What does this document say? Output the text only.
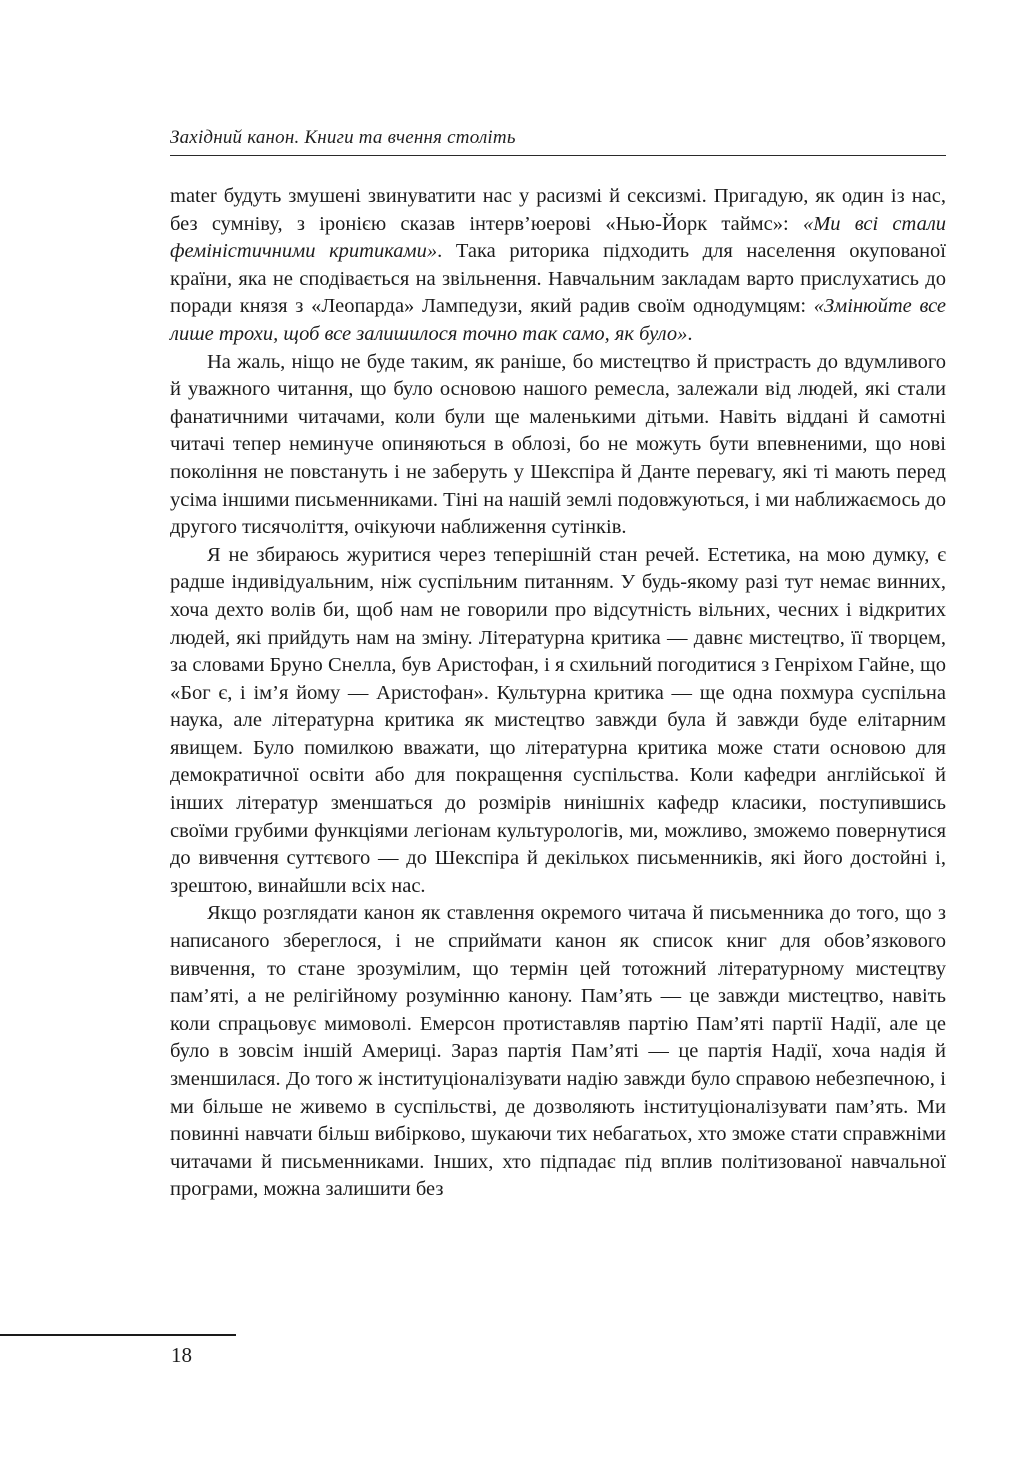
Західний канон. Книги та вчення століть

mater будуть змушені звинуватити нас у расизмі й сексизмі. Пригадую, як один із нас, без сумніву, з іронією сказав інтерв’юерові «Нью-Йорк таймс»: «Ми всі стали феміністичними критиками». Така риторика підходить для населення окупованої країни, яка не сподівається на звільнення. Навчальним закладам варто прислухатись до поради князя з «Леопарда» Лампедузи, який радив своїм однодумцям: «Змінюйте все лише трохи, щоб все залишилося точно так само, як було».

На жаль, ніщо не буде таким, як раніше, бо мистецтво й пристрасть до вдумливого й уважного читання, що було основою нашого ремесла, залежали від людей, які стали фанатичними читачами, коли були ще маленькими дітьми. Навіть віддані й самотні читачі тепер неминуче опиняються в облозі, бо не можуть бути впевненими, що нові покоління не повстануть і не заберуть у Шекспіра й Данте перевагу, які ті мають перед усіма іншими письменниками. Тіні на нашій землі подовжуються, і ми наближаємось до другого тисячоліття, очікуючи наближення сутінків.

Я не збираюсь журитися через теперішній стан речей. Естетика, на мою думку, є радше індивідуальним, ніж суспільним питанням. У будь-якому разі тут немає винних, хоча дехто волів би, щоб нам не говорили про відсутність вільних, чесних і відкритих людей, які прийдуть нам на зміну. Літературна критика — давнє мистецтво, її творцем, за словами Бруно Снелла, був Аристофан, і я схильний погодитися з Генріхом Гайне, що «Бог є, і ім’я йому — Аристофан». Культурна критика — ще одна похмура суспільна наука, але літературна критика як мистецтво завжди була й завжди буде елітарним явищем. Було помилкою вважати, що літературна критика може стати основою для демократичної освіти або для покращення суспільства. Коли кафедри англійської й інших літератур зменшаться до розмірів нинішніх кафедр класики, поступившись своїми грубими функціями легіонам культурологів, ми, можливо, зможемо повернутися до вивчення суттєвого — до Шекспіра й декількох письменників, які його достойні і, зрештою, винайшли всіх нас.

Якщо розглядати канон як ставлення окремого читача й письменника до того, що з написаного збереглося, і не сприймати канон як список книг для обов’язкового вивчення, то стане зрозумілим, що термін цей тотожний літературному мистецтву пам’яті, а не релігійному розумінню канону. Пам’ять — це завжди мистецтво, навіть коли спрацьовує мимоволі. Емерсон протиставляв партію Пам’яті партії Надії, але це було в зовсім іншій Америці. Зараз партія Пам’яті — це партія Надії, хоча надія й зменшилася. До того ж інституціоналізувати надію завжди було справою небезпечною, і ми більше не живемо в суспільстві, де дозволяють інституціоналізувати пам’ять. Ми повинні навчати більш вибірково, шукаючи тих небагатьох, хто зможе стати справжніми читачами й письменниками. Інших, хто підпадає під вплив політизованої навчальної програми, можна залишити без

18
